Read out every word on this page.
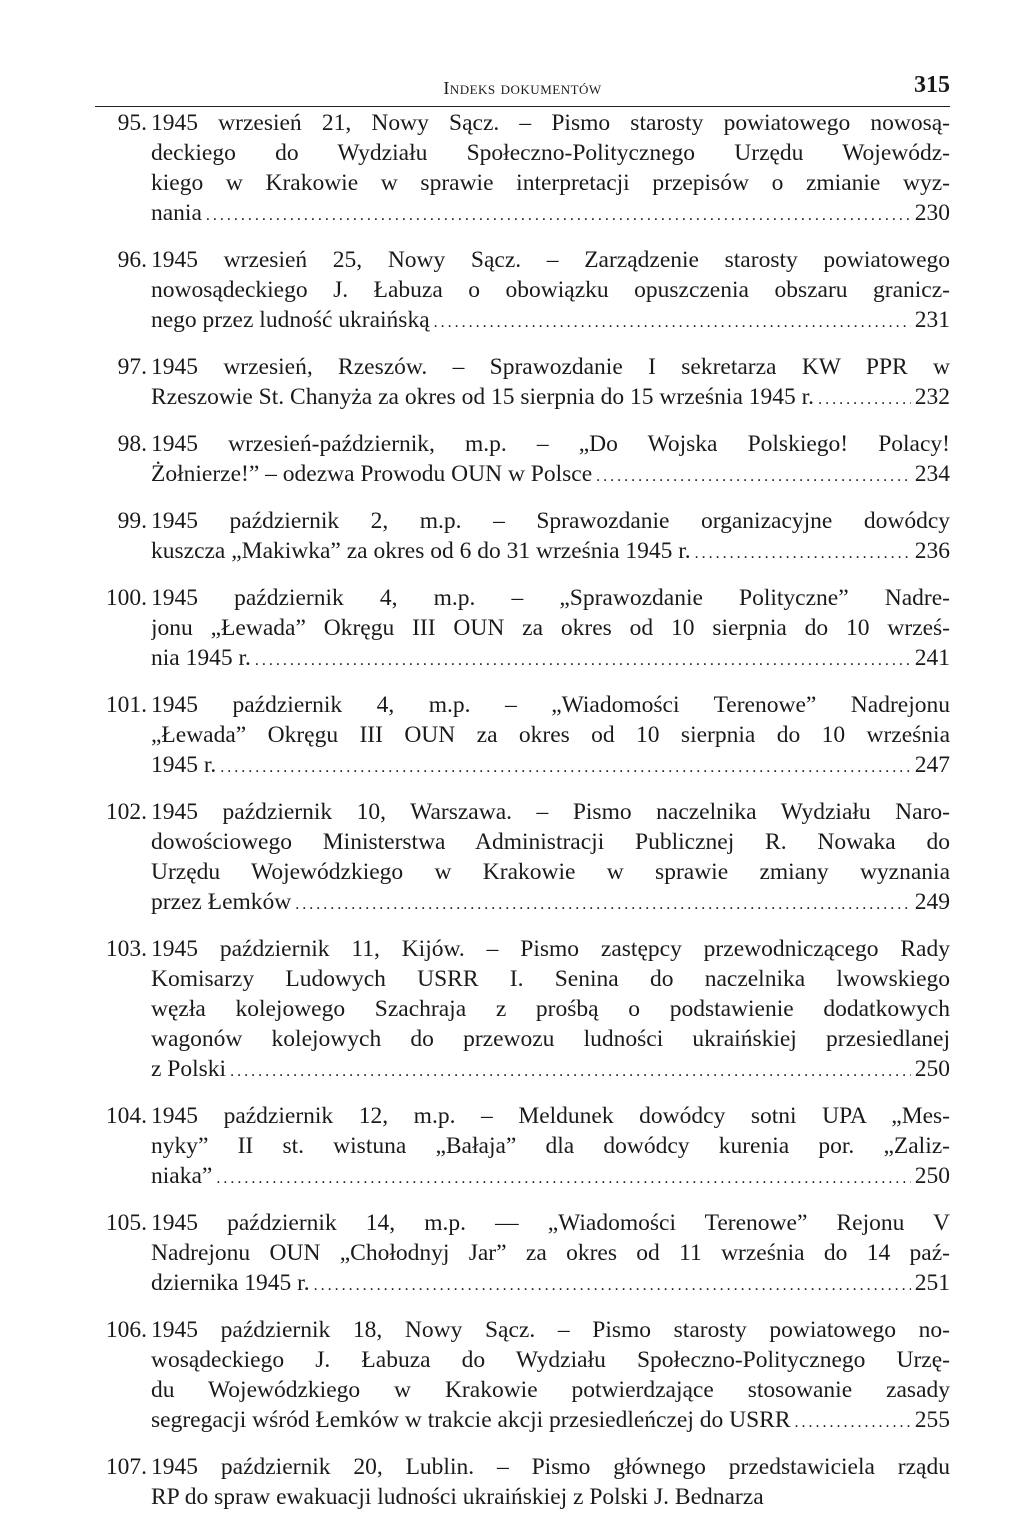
Indeks dokumentów	315
95. 1945 wrzesień 21, Nowy Sącz. – Pismo starosty powiatowego nowosą-
deckiego do Wydziału Społeczno-Politycznego Urzędu Wojewódz-
kiego w Krakowie w sprawie interpretacji przepisów o zmianie wyz-
nania .....	230
96. 1945 wrzesień 25, Nowy Sącz. – Zarządzenie starosty powiatowego
nowosądeckiego J. Łabuza o obowiązku opuszczenia obszaru granicz-
nego przez ludność ukraińską .....	231
97. 1945 wrzesień, Rzeszów. – Sprawozdanie I sekretarza KW PPR w
Rzeszowie St. Chanyża za okres od 15 sierpnia do 15 września 1945 r. .....	232
98. 1945 wrzesień-październik, m.p. – „Do Wojska Polskiego! Polacy!
Żołnierze!” – odezwa Prowodu OUN w Polsce .....	234
99. 1945 październik 2, m.p. – Sprawozdanie organizacyjne dowódcy
kuszcza „Makiwka” za okres od 6 do 31 września 1945 r. .....	236
100. 1945 październik 4, m.p. – „Sprawozdanie Polityczne” Nadre-
jonu „Łewada” Okręgu III OUN za okres od 10 sierpnia do 10 wrześ-
nia 1945 r. .....	241
101. 1945 październik 4, m.p. – „Wiadomości Terenowe” Nadrejonu
„Łewada” Okręgu III OUN za okres od 10 sierpnia do 10 września
1945 r. .....	247
102. 1945 październik 10, Warszawa. – Pismo naczelnika Wydziału Naro-
dowościowego Ministerstwa Administracji Publicznej R. Nowaka do
Urzędu Wojewódzkiego w Krakowie w sprawie zmiany wyznania
przez Łemków .....	249
103. 1945 październik 11, Kijów. – Pismo zastępcy przewodniczącego Rady
Komisarzy Ludowych USRR I. Senina do naczelnika lwowskiego
węzła kolejowego Szachraja z prośbą o podstawienie dodatkowych
wagonów kolejowych do przewozu ludności ukraińskiej przesiedlanej
z Polski .....	250
104. 1945 październik 12, m.p. – Meldunek dowódcy sotni UPA „Mes-
nyky” II st. wistuna „Bałaja” dla dowódcy kurenia por. „Zaliz-
niaka” .....	250
105. 1945 październik 14, m.p. — „Wiadomości Terenowe” Rejonu V
Nadrejonu OUN „Chołodnyj Jar” za okres od 11 września do 14 paź-
dziernika 1945 r. .....	251
106. 1945 październik 18, Nowy Sącz. – Pismo starosty powiatowego no-
wosądeckiego J. Łabuza do Wydziału Społeczno-Politycznego Urzę-
du Wojewódzkiego w Krakowie potwierdzające stosowanie zasady
segregacji wśród Łemków w trakcie akcji przesiedleńczej do USRR .....	255
107. 1945 październik 20, Lublin. – Pismo głównego przedstawiciela rządu
RP do spraw ewakuacji ludności ukraińskiej z Polski J. Bednarza
